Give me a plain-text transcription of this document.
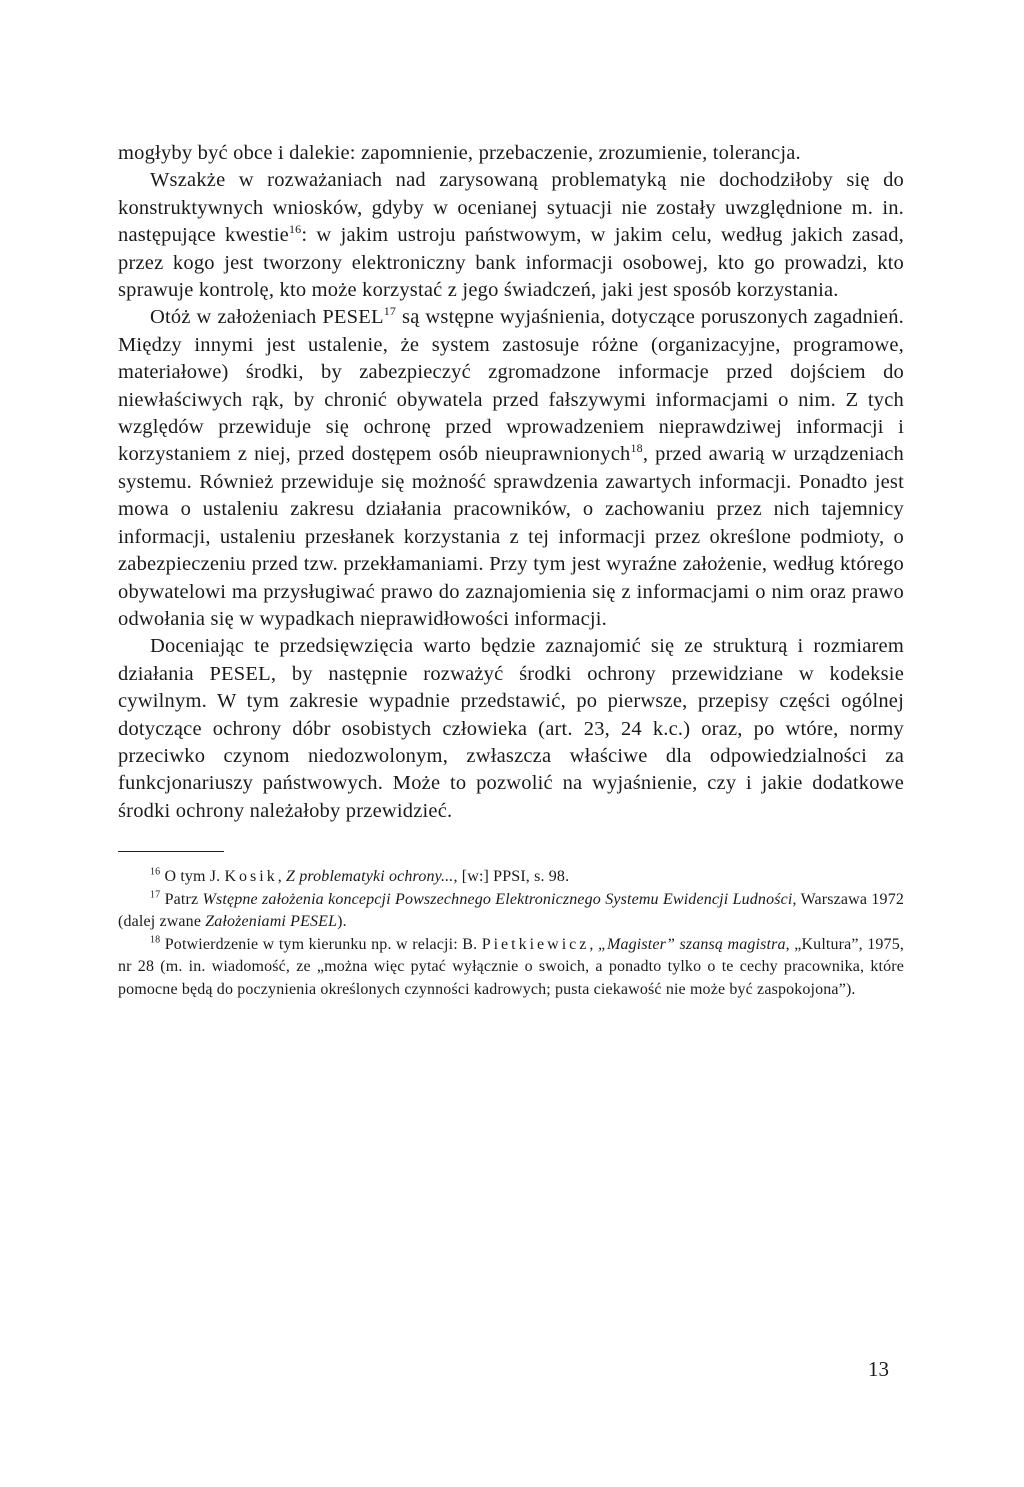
mogłyby być obce i dalekie: zapomnienie, przebaczenie, zrozumienie, tolerancja.

Wszakże w rozważaniach nad zarysowaną problematyką nie dochodziłoby się do konstruktywnych wniosków, gdyby w ocenianej sytuacji nie zostały uwzględnione m. in. następujące kwestie$^{16}$: w jakim ustroju państwowym, w jakim celu, według jakich zasad, przez kogo jest tworzony elektroniczny bank informacji osobowej, kto go prowadzi, kto sprawuje kontrolę, kto może korzystać z jego świadczeń, jaki jest sposób korzystania.

Otóż w założeniach PESEL$^{17}$ są wstępne wyjaśnienia, dotyczące poruszonych zagadnień. Między innymi jest ustalenie, że system zastosuje różne (organizacyjne, programowe, materiałowe) środki, by zabezpieczyć zgromadzone informacje przed dojściem do niewłaściwych rąk, by chronić obywatela przed fałszywymi informacjami o nim. Z tych względów przewiduje się ochronę przed wprowadzeniem nieprawdziwej informacji i korzystaniem z niej, przed dostępem osób nieuprawnionych$^{18}$, przed awarią w urządzeniach systemu. Również przewiduje się możność sprawdzenia zawartych informacji. Ponadto jest mowa o ustaleniu zakresu działania pracowników, o zachowaniu przez nich tajemnicy informacji, ustaleniu przesłanek korzystania z tej informacji przez określone podmioty, o zabezpieczeniu przed tzw. przekłamaniami. Przy tym jest wyraźne założenie, według którego obywatelowi ma przysługiwać prawo do zaznajomienia się z informacjami o nim oraz prawo odwołania się w wypadkach nieprawidłowości informacji.

Doceniając te przedsięwzięcia warto będzie zaznajomić się ze strukturą i rozmiarem działania PESEL, by następnie rozważyć środki ochrony przewidziane w kodeksie cywilnym. W tym zakresie wypadnie przedstawić, po pierwsze, przepisy części ogólnej dotyczące ochrony dóbr osobistych człowieka (art. 23, 24 k.c.) oraz, po wtóre, normy przeciwko czynom niedozwolonym, zwłaszcza właściwe dla odpowiedzialności za funkcjonariuszy państwowych. Może to pozwolić na wyjaśnienie, czy i jakie dodatkowe środki ochrony należałoby przewidzieć.

$^{16}$ O tym J. Kosik, Z problematyki ochrony..., [w:] PPSI, s. 98.

$^{17}$ Patrz Wstępne założenia koncepcji Powszechnego Elektronicznego Systemu Ewidencji Ludności, Warszawa 1972 (dalej zwane Założeniami PESEL).

$^{18}$ Potwierdzenie w tym kierunku np. w relacji: B. Pietkiewicz, „Magister” szansą magistra, „Kultura”, 1975, nr 28 (m. in. wiadomość, ze „można więc pytać wyłącznie o swoich, a ponadto tylko o te cechy pracownika, które pomocne będą do poczynienia określonych czynności kadrowych; pusta ciekawość nie może być zaspokojona”).

13
